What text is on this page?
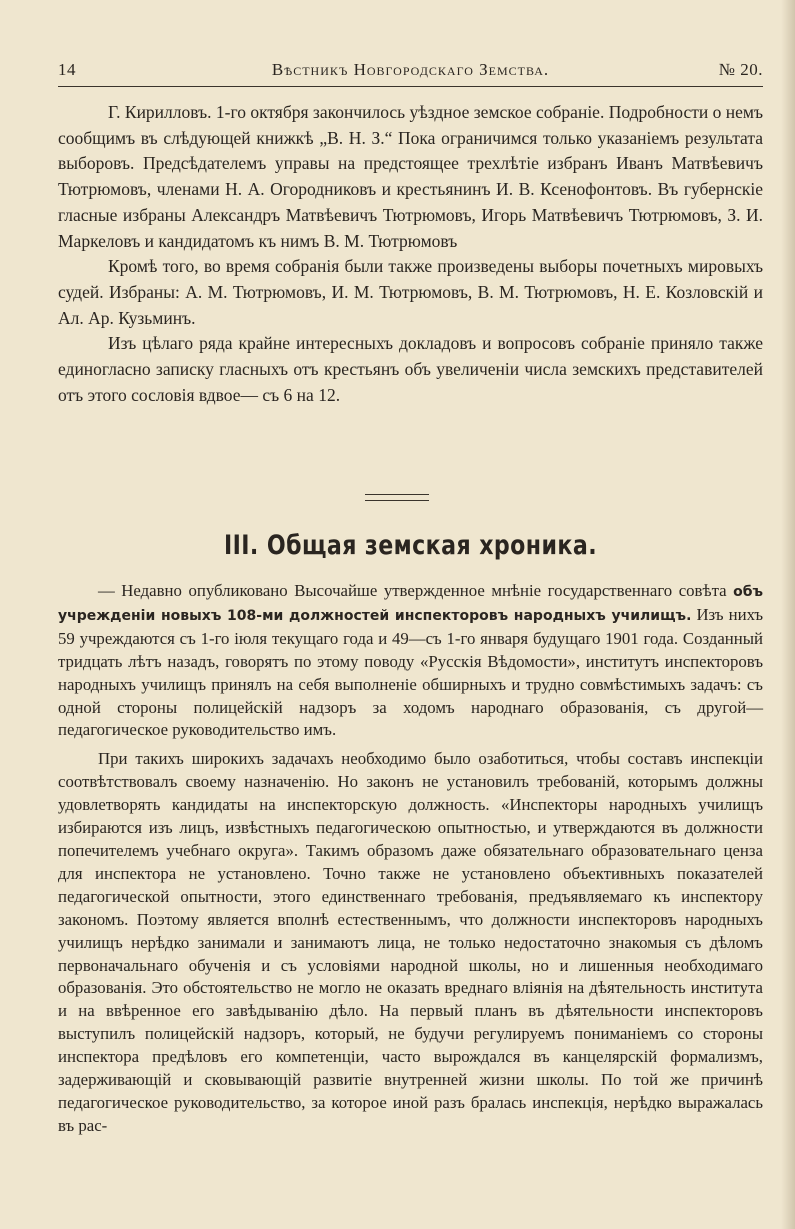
14	Вѣстникъ Новгородскаго Земства.	№ 20.

Г. Кирилловъ. 1-го октября закончилось уѣздное земское собраніе. Подробности о немъ сообщимъ въ слѣдующей книжкѣ „В. Н. З.“ Пока ограничимся только указаніемъ результата выборовъ. Предсѣдателемъ управы на предстоящее трехлѣтіе избранъ Иванъ Матвѣевичъ Тютрюмовъ, членами Н. А. Огородниковъ и крестьянинъ И. В. Ксенофонтовъ. Въ губернскіе гласные избраны Александръ Матвѣевичъ Тютрюмовъ, Игорь Матвѣевичъ Тютрюмовъ, З. И. Маркеловъ и кандидатомъ къ нимъ В. М. Тютрюмовъ

Кромѣ того, во время собранія были также произведены выборы почетныхъ мировыхъ судей. Избраны: А. М. Тютрюмовъ, И. М. Тютрюмовъ, В. М. Тютрюмовъ, Н. Е. Козловскій и Ал. Ар. Кузьминъ.

Изъ цѣлаго ряда крайне интересныхъ докладовъ и вопросовъ собраніе приняло также единогласно записку гласныхъ отъ крестьянъ объ увеличеніи числа земскихъ представителей отъ этого сословія вдвое— съ 6 на 12.

III. Общая земская хроника.

— Недавно опубликовано Высочайше утвержденное мнѣніе государственнаго совѣта объ учрежденіи новыхъ 108-ми должностей инспекторовъ народныхъ училищъ. Изъ нихъ 59 учреждаются съ 1-го іюля текущаго года и 49—съ 1-го января будущаго 1901 года. Созданный тридцать лѣтъ назадъ, говорятъ по этому поводу «Русскія Вѣдомости», институтъ инспекторовъ народныхъ училищъ принялъ на себя выполненіе обширныхъ и трудно совмѣстимыхъ задачъ: съ одной стороны полицейскій надзоръ за ходомъ народнаго образованія, съ другой—педагогическое руководительство имъ.

При такихъ широкихъ задачахъ необходимо было озаботиться, чтобы составъ инспекціи соотвѣтствовалъ своему назначенію. Но законъ не установилъ требованій, которымъ должны удовлетворять кандидаты на инспекторскую должность. «Инспекторы народныхъ училищъ избираются изъ лицъ, извѣстныхъ педагогическою опытностью, и утверждаются въ должности попечителемъ учебнаго округа». Такимъ образомъ даже обязательнаго образовательнаго ценза для инспектора не установлено. Точно также не установлено объективныхъ показателей педагогической опытности, этого единственнаго требованія, предъявляемаго къ инспектору закономъ. Поэтому является вполнѣ естественнымъ, что должности инспекторовъ народныхъ училищъ нерѣдко занимали и занимаютъ лица, не только недостаточно знакомыя съ дѣломъ первоначальнаго обученія и съ условіями народной школы, но и лишенныя необходимаго образованія. Это обстоятельство не могло не оказать вреднаго вліянія на дѣятельность института и на ввѣренное его завѣдыванію дѣло. На первый планъ въ дѣятельности инспекторовъ выступилъ полицейскій надзоръ, который, не будучи регулируемъ пониманіемъ со стороны инспектора предѣловъ его компетенціи, часто вырождался въ канцелярскій формализмъ, задерживающій и сковывающій развитіе внутренней жизни школы. По той же причинѣ педагогическое руководительство, за которое иной разъ бралась инспекція, нерѣдко выражалась въ рас-
